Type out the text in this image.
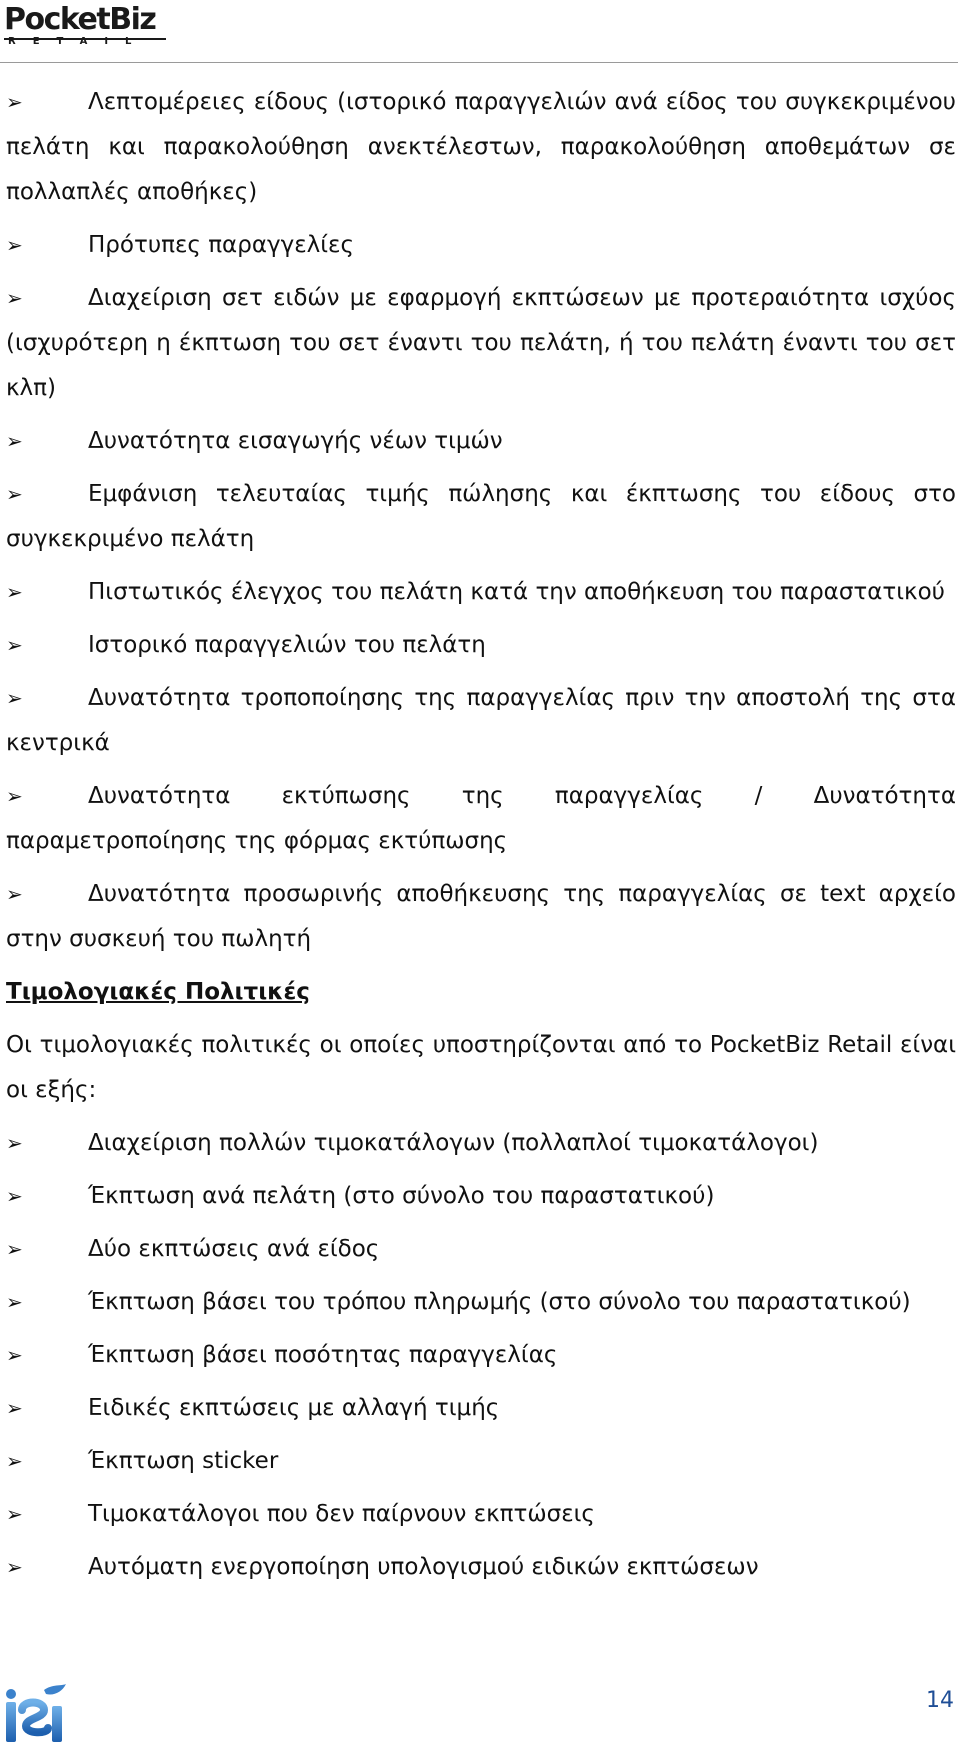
PocketBiz
RETAIL
➢	Λεπτομέρειες είδους (ιστορικό παραγγελιών ανά είδος του συγκεκριμένου πελάτη και παρακολούθηση ανεκτέλεστων, παρακολούθηση αποθεμάτων σε πολλαπλές αποθήκες)
➢	Πρότυπες παραγγελίες
➢	Διαχείριση σετ ειδών με εφαρμογή εκπτώσεων με προτεραιότητα ισχύος (ισχυρότερη η έκπτωση του σετ έναντι του πελάτη, ή του πελάτη έναντι του σετ κλπ)
➢	Δυνατότητα εισαγωγής νέων τιμών
➢	Εμφάνιση τελευταίας τιμής πώλησης και έκπτωσης του είδους στο συγκεκριμένο πελάτη
➢	Πιστωτικός έλεγχος του πελάτη κατά την αποθήκευση του παραστατικού
➢	Ιστορικό παραγγελιών του πελάτη
➢	Δυνατότητα τροποποίησης της παραγγελίας πριν την αποστολή της στα κεντρικά
➢	Δυνατότητα εκτύπωσης της παραγγελίας / Δυνατότητα παραμετροποίησης της φόρμας εκτύπωσης
➢	Δυνατότητα προσωρινής αποθήκευσης της παραγγελίας σε text αρχείο στην συσκευή του πωλητή
Τιμολογιακές Πολιτικές
Οι τιμολογιακές πολιτικές οι οποίες υποστηρίζονται από το PocketBiz Retail είναι οι εξής:
➢	Διαχείριση πολλών τιμοκατάλογων (πολλαπλοί τιμοκατάλογοι)
➢	Έκπτωση ανά πελάτη (στο σύνολο του παραστατικού)
➢	Δύο εκπτώσεις ανά είδος
➢	Έκπτωση βάσει του τρόπου πληρωμής (στο σύνολο του παραστατικού)
➢	Έκπτωση βάσει ποσότητας παραγγελίας
➢	Ειδικές εκπτώσεις με αλλαγή τιμής
➢	Έκπτωση sticker
➢	Τιμοκατάλογοι που δεν παίρνουν εκπτώσεις
➢	Αυτόματη ενεργοποίηση υπολογισμού ειδικών εκπτώσεων
14
